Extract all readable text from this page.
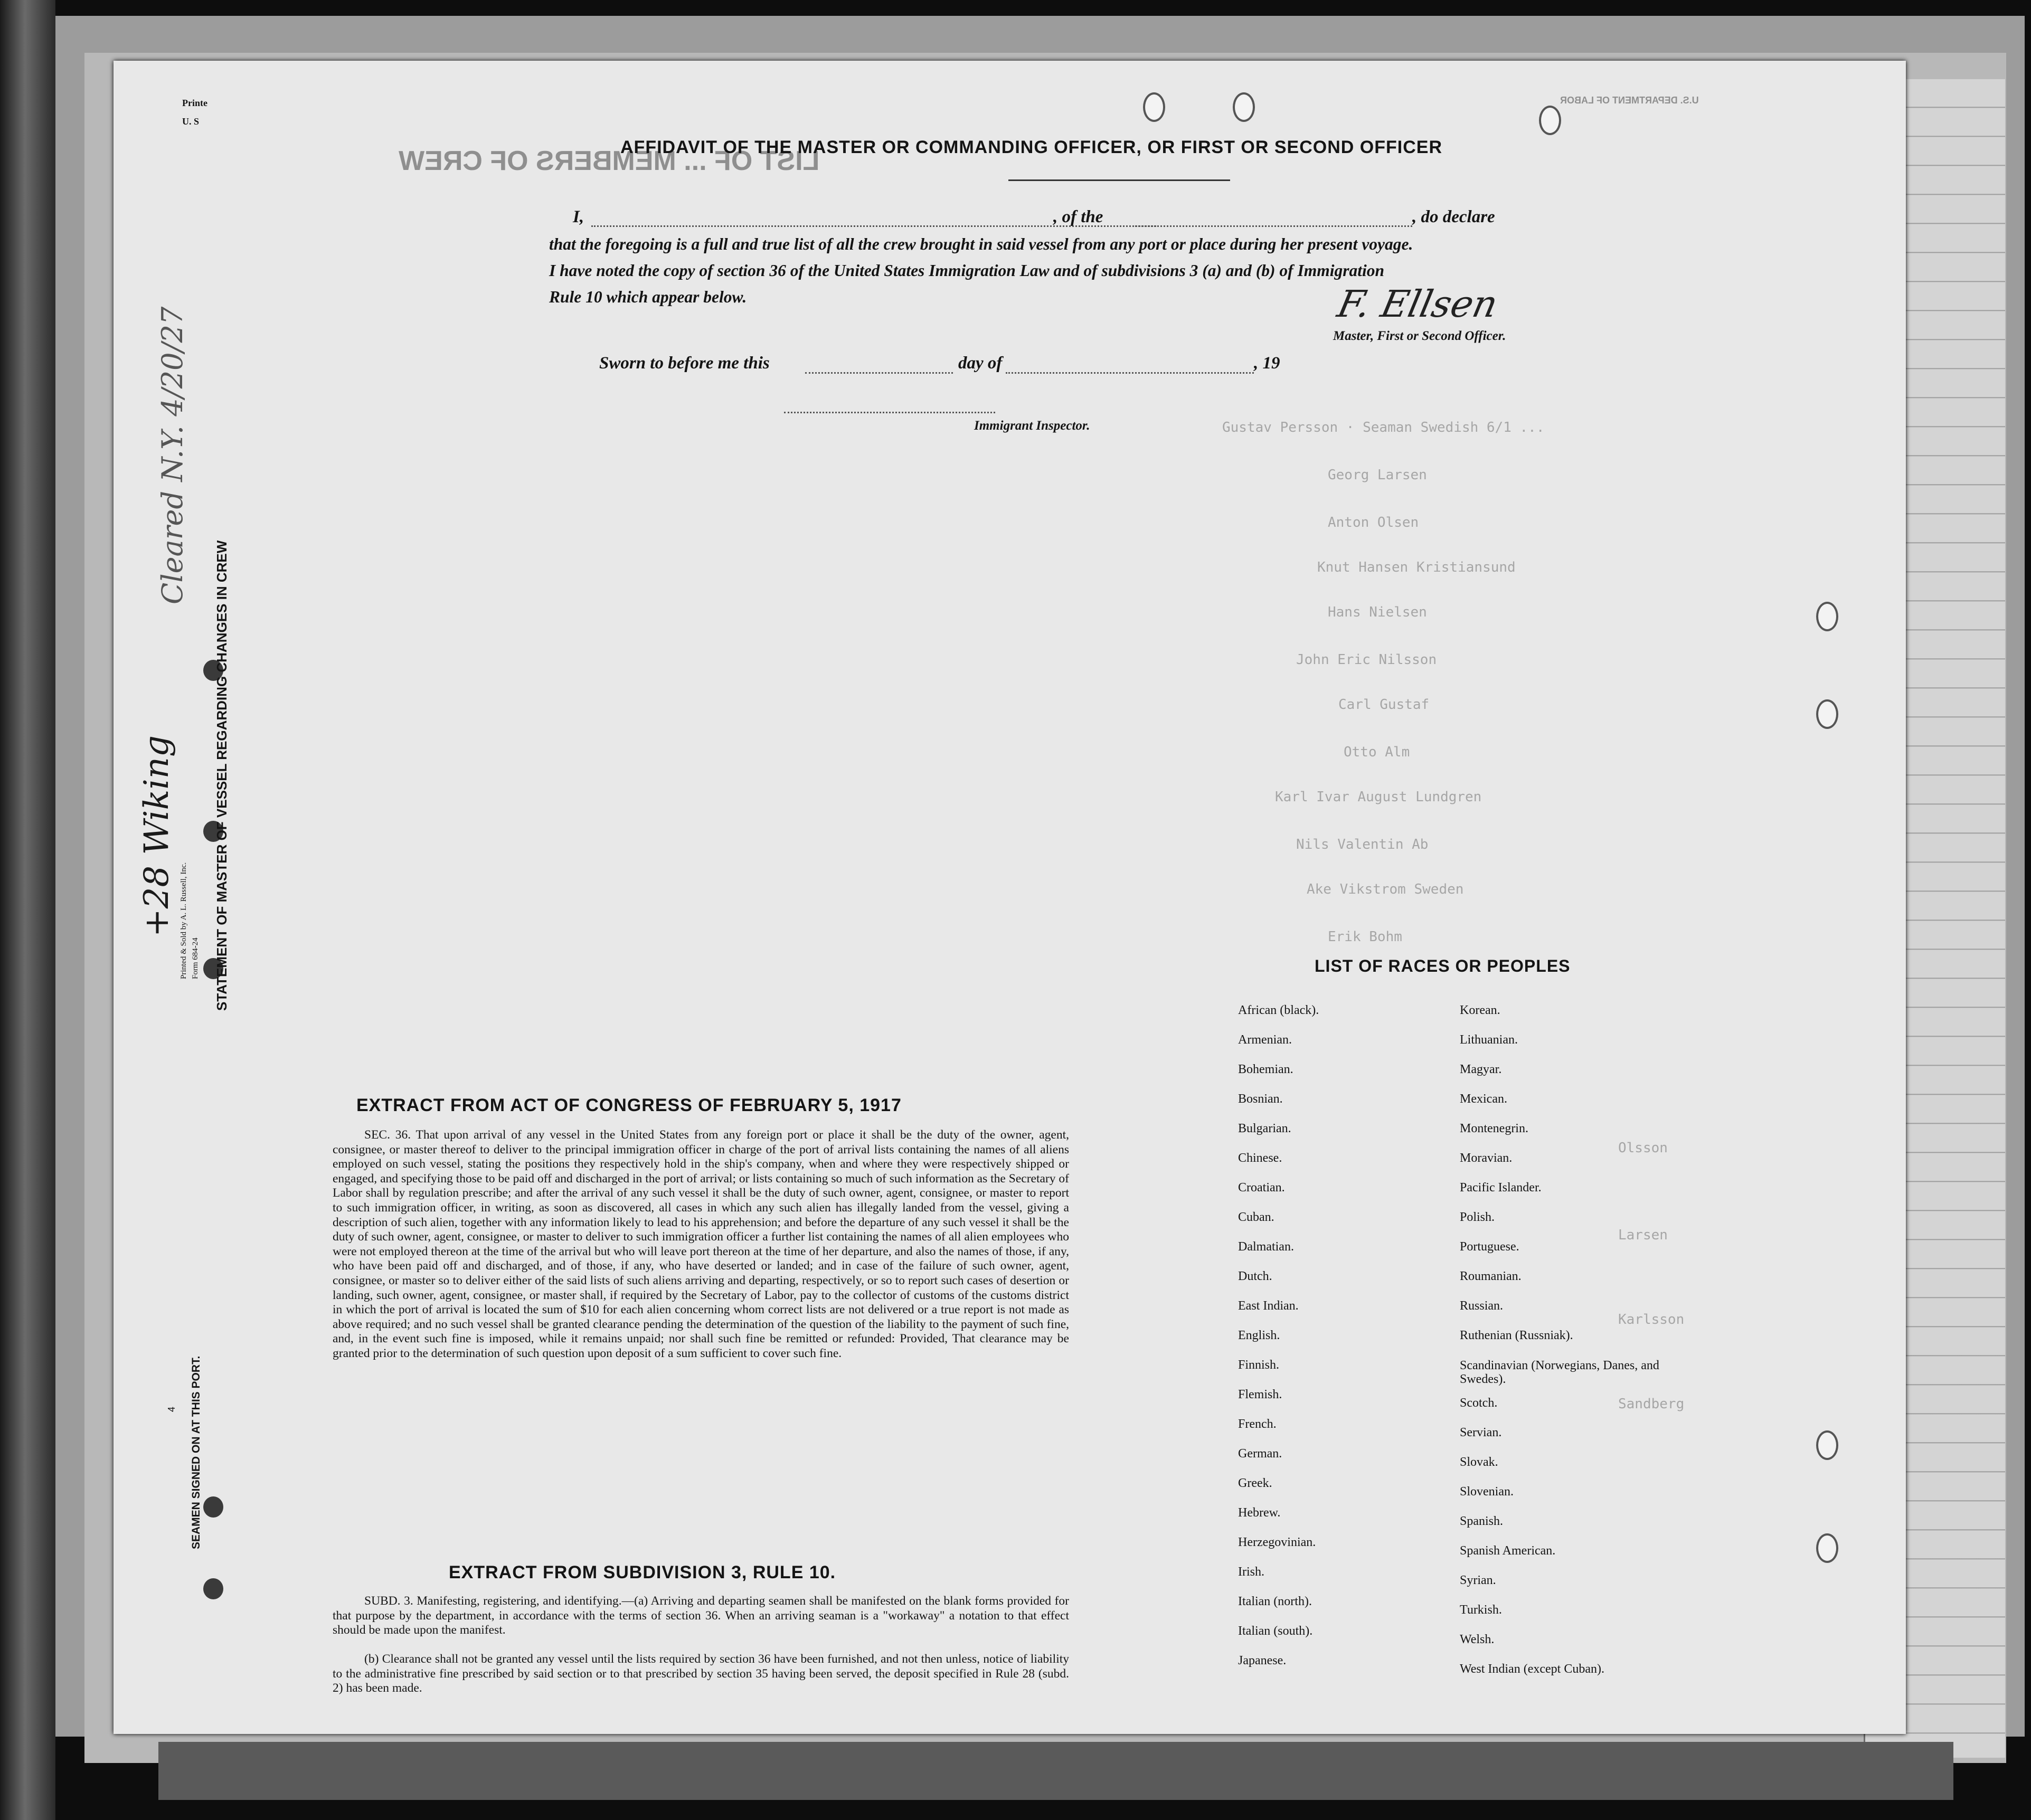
LIST OF ... MEMBERS OF CREW
U.S. DEPARTMENT OF LABOR
Printe
U. S
Gustav Persson · Seaman Swedish 6/1 ...
Georg Larsen
Anton Olsen
Knut Hansen Kristiansund
Hans Nielsen
John Eric Nilsson
Carl Gustaf
Otto Alm
Karl Ivar August Lundgren
Nils Valentin Ab
Ake Vikstrom Sweden
Erik Bohm
Olsson
Larsen
Karlsson
Sandberg
STATEMENT OF MASTER OF VESSEL REGARDING CHANGES IN CREW
Printed & Sold by A. L. Russell, Inc. Form 684-24
SEAMEN SIGNED ON AT THIS PORT.
4
Cleared N.Y. 4/20/27
+28 Wiking
AFFIDAVIT OF THE MASTER OR COMMANDING OFFICER, OR FIRST OR SECOND OFFICER
I,	, of the	, do declare
that the foregoing is a full and true list of all the crew brought in said vessel from any port or place during her present voyage.
I have noted the copy of section 36 of the United States Immigration Law and of subdivisions 3 (a) and (b) of Immigration
Rule 10 which appear below.	F. Ellsen
Master, First or Second Officer.
Sworn to before me this	day of	, 19
Immigrant Inspector.
EXTRACT FROM ACT OF CONGRESS OF FEBRUARY 5, 1917
SEC. 36. That upon arrival of any vessel in the United States from any foreign port or place it shall be the duty of the owner, agent, consignee, or master thereof to deliver to the principal immigration officer in charge of the port of arrival lists containing the names of all aliens employed on such vessel, stating the positions they respectively hold in the ship's company, when and where they were respectively shipped or engaged, and specifying those to be paid off and discharged in the port of arrival; or lists containing so much of such information as the Secretary of Labor shall by regulation prescribe; and after the arrival of any such vessel it shall be the duty of such owner, agent, consignee, or master to report to such immigration officer, in writing, as soon as discovered, all cases in which any such alien has illegally landed from the vessel, giving a description of such alien, together with any information likely to lead to his apprehension; and before the departure of any such vessel it shall be the duty of such owner, agent, consignee, or master to deliver to such immigration officer a further list containing the names of all alien employees who were not employed thereon at the time of the arrival but who will leave port thereon at the time of her departure, and also the names of those, if any, who have been paid off and discharged, and of those, if any, who have deserted or landed; and in case of the failure of such owner, agent, consignee, or master so to deliver either of the said lists of such aliens arriving and departing, respectively, or so to report such cases of desertion or landing, such owner, agent, consignee, or master shall, if required by the Secretary of Labor, pay to the collector of customs of the customs district in which the port of arrival is located the sum of $10 for each alien concerning whom correct lists are not delivered or a true report is not made as above required; and no such vessel shall be granted clearance pending the determination of the question of the liability to the payment of such fine, and, in the event such fine is imposed, while it remains unpaid; nor shall such fine be remitted or refunded: Provided, That clearance may be granted prior to the determination of such question upon deposit of a sum sufficient to cover such fine.
EXTRACT FROM SUBDIVISION 3, RULE 10.
SUBD. 3. Manifesting, registering, and identifying.—(a) Arriving and departing seamen shall be manifested on the blank forms provided for that purpose by the department, in accordance with the terms of section 36. When an arriving seaman is a "workaway" a notation to that effect should be made upon the manifest.
(b) Clearance shall not be granted any vessel until the lists required by section 36 have been furnished, and not then unless, notice of liability to the administrative fine prescribed by said section or to that prescribed by section 35 having been served, the deposit specified in Rule 28 (subd. 2) has been made.
LIST OF RACES OR PEOPLES
African (black).
Armenian.
Bohemian.
Bosnian.
Bulgarian.
Chinese.
Croatian.
Cuban.
Dalmatian.
Dutch.
East Indian.
English.
Finnish.
Flemish.
French.
German.
Greek.
Hebrew.
Herzegovinian.
Irish.
Italian (north).
Italian (south).
Japanese.
Korean.
Lithuanian.
Magyar.
Mexican.
Montenegrin.
Moravian.
Pacific Islander.
Polish.
Portuguese.
Roumanian.
Russian.
Ruthenian (Russniak).
Scandinavian (Norwegians, Danes, and Swedes).
Scotch.
Servian.
Slovak.
Slovenian.
Spanish.
Spanish American.
Syrian.
Turkish.
Welsh.
West Indian (except Cuban).
